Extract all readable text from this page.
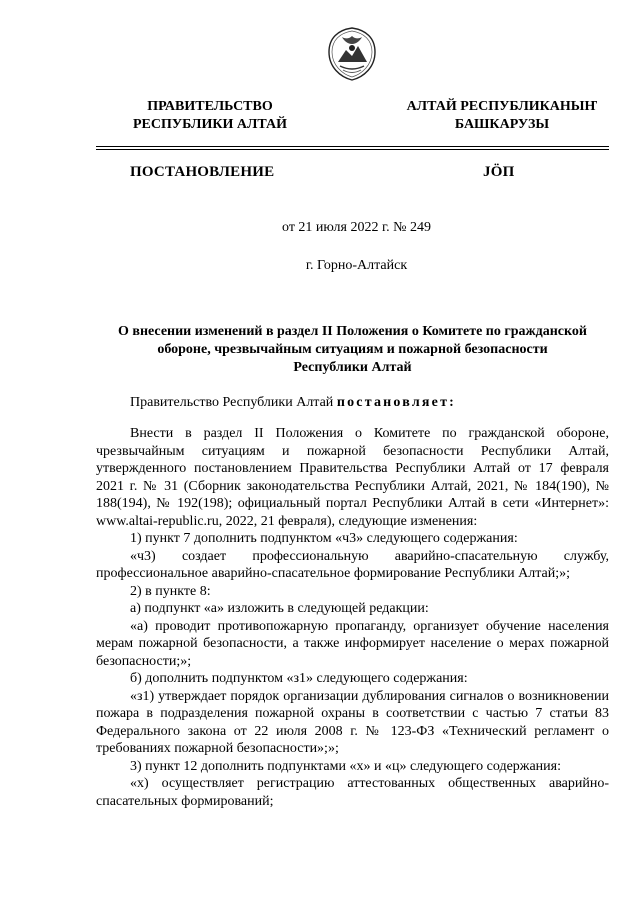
ПРАВИТЕЛЬСТВО
РЕСПУБЛИКИ АЛТАЙ
АЛТАЙ РЕСПУБЛИКАНЫҤ
БАШКАРУЗЫ
ПОСТАНОВЛЕНИЕ	JӦП
от 21 июля 2022 г. № 249
г. Горно-Алтайск
О внесении изменений в раздел II Положения о Комитете по гражданской
обороне, чрезвычайным ситуациям и пожарной безопасности
Республики Алтай
Правительство Республики Алтай постановляет:

Внести в раздел II Положения о Комитете по гражданской обороне, чрезвычайным ситуациям и пожарной безопасности Республики Алтай, утвержденного постановлением Правительства Республики Алтай от 17 февраля 2021 г. № 31 (Сборник законодательства Республики Алтай, 2021, № 184(190), № 188(194), № 192(198); официальный портал Республики Алтай в сети «Интернет»: www.altai-republic.ru, 2022, 21 февраля), следующие изменения:

1) пункт 7 дополнить подпунктом «ч3» следующего содержания:

«ч3) создает профессиональную аварийно-спасательную службу, профессиональное аварийно-спасательное формирование Республики Алтай;»;

2) в пункте 8:

а) подпункт «а» изложить в следующей редакции:

«а) проводит противопожарную пропаганду, организует обучение населения мерам пожарной безопасности, а также информирует население о мерах пожарной безопасности;»;

б) дополнить подпунктом «з1» следующего содержания:

«з1) утверждает порядок организации дублирования сигналов о возникновении пожара в подразделения пожарной охраны в соответствии с частью 7 статьи 83 Федерального закона от 22 июля 2008 г. № 123-ФЗ «Технический регламент о требованиях пожарной безопасности»;»;

3) пункт 12 дополнить подпунктами «х» и «ц» следующего содержания:

«х) осуществляет регистрацию аттестованных общественных аварийно-спасательных формирований;
